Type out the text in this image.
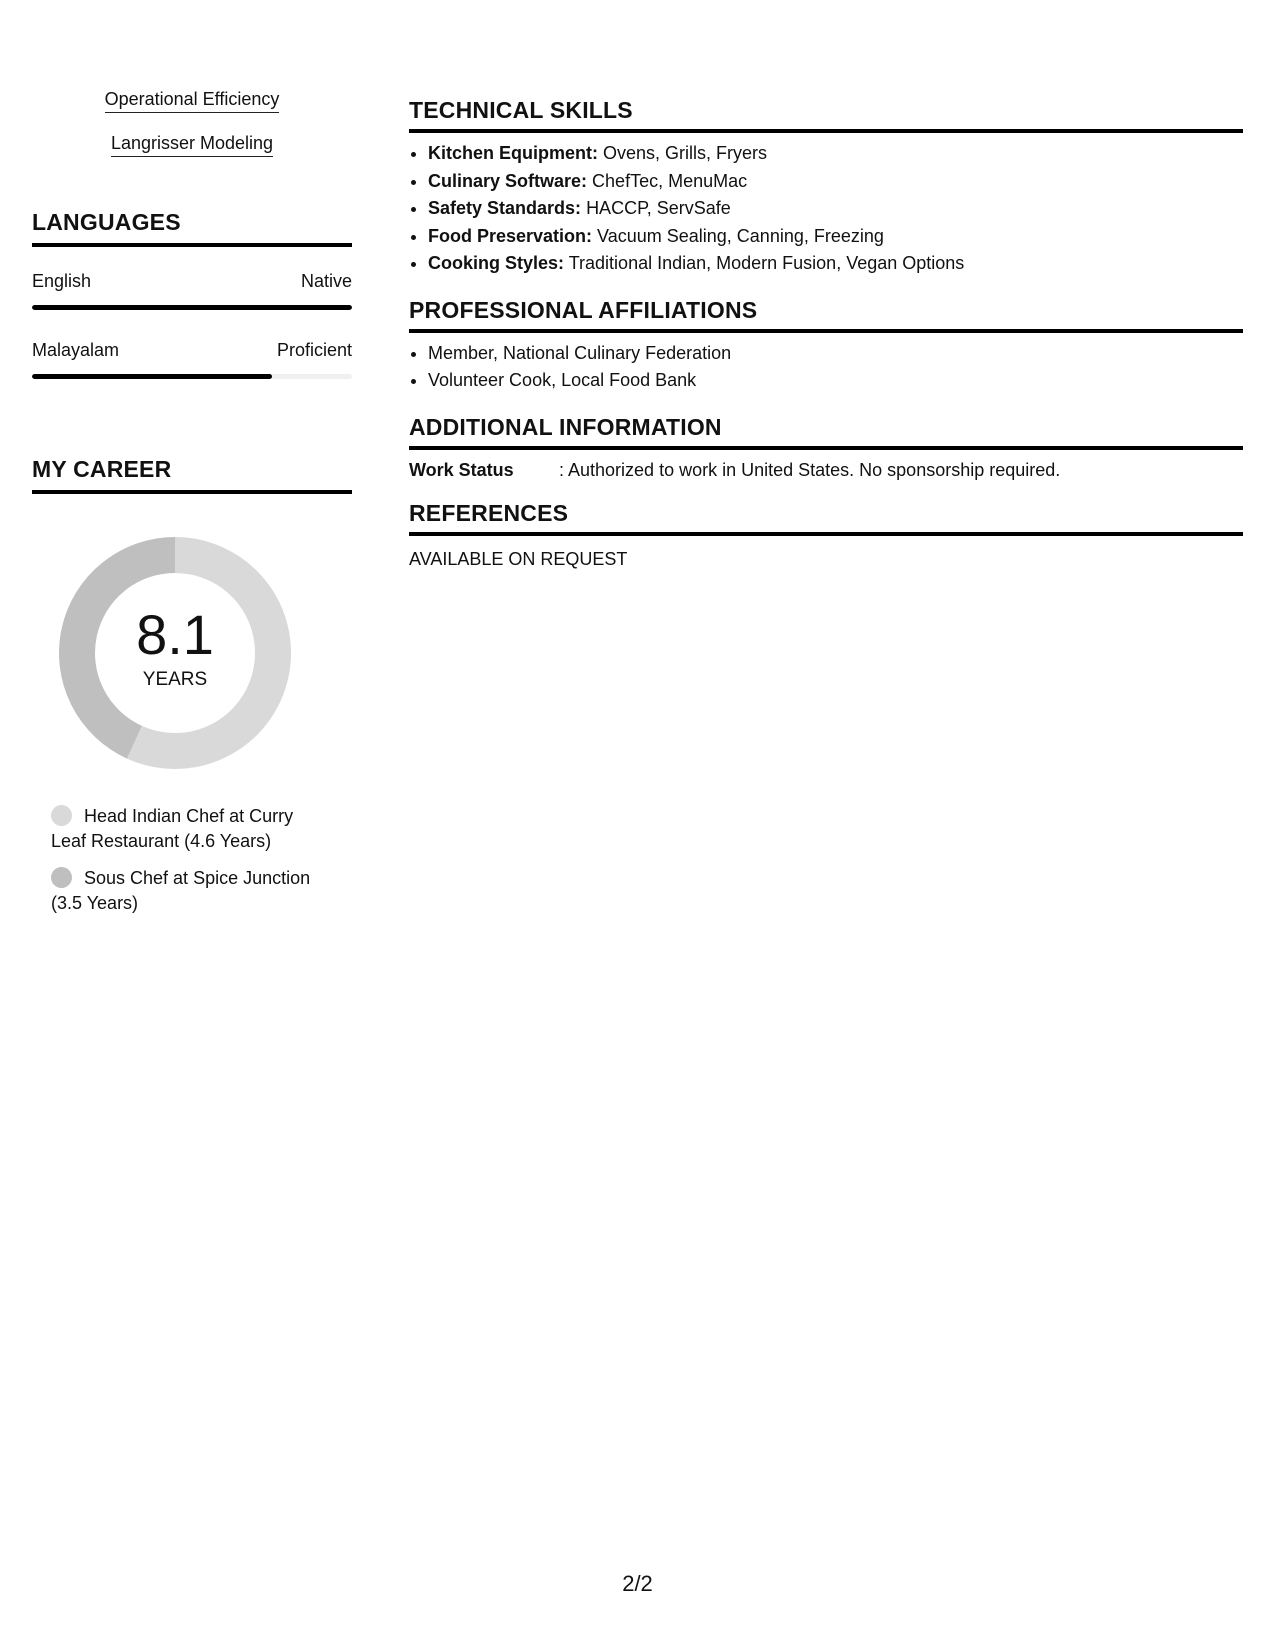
Operational Efficiency
Langrisser Modeling
LANGUAGES
English	Native
Malayalam	Proficient
MY CAREER
8.1
YEARS
Head Indian Chef at Curry Leaf Restaurant (4.6 Years)
Sous Chef at Spice Junction (3.5 Years)
TECHNICAL SKILLS
• Kitchen Equipment: Ovens, Grills, Fryers
• Culinary Software: ChefTec, MenuMac
• Safety Standards: HACCP, ServSafe
• Food Preservation: Vacuum Sealing, Canning, Freezing
• Cooking Styles: Traditional Indian, Modern Fusion, Vegan Options
PROFESSIONAL AFFILIATIONS
• Member, National Culinary Federation
• Volunteer Cook, Local Food Bank
ADDITIONAL INFORMATION
Work Status	: Authorized to work in United States. No sponsorship required.
REFERENCES
AVAILABLE ON REQUEST
2/2
